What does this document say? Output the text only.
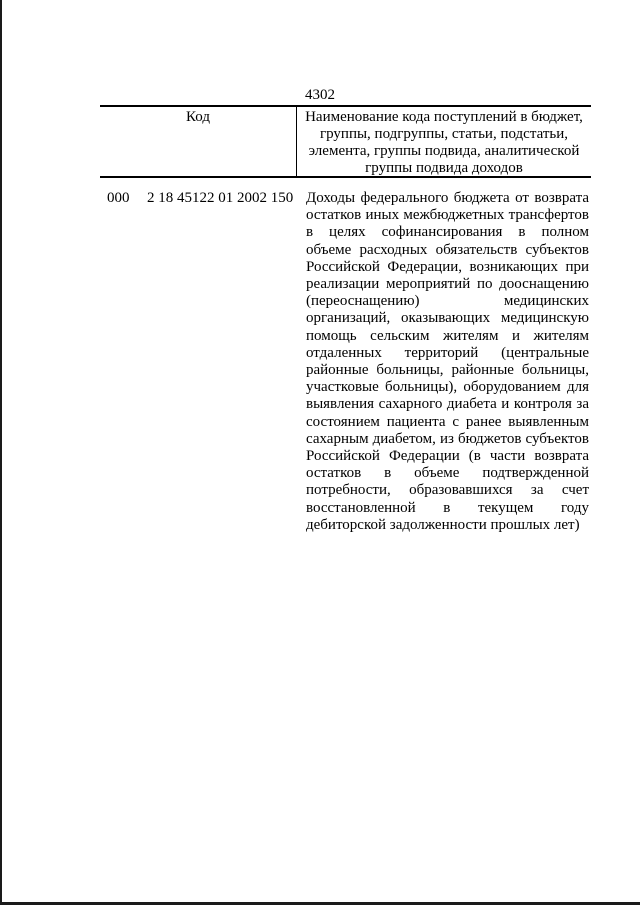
4302
Код	Наименование кода поступлений в бюджет, группы, подгруппы, статьи, подстатьи, элемента, группы подвида, аналитической группы подвида доходов
000 2 18 45122 01 2002 150 Доходы федерального бюджета от возврата остатков иных межбюджетных трансфертов в целях софинансирования в полном объеме расходных обязательств субъектов Российской Федерации, возникающих при реализации мероприятий по дооснащению (переоснащению) медицинских организаций, оказывающих медицинскую помощь сельским жителям и жителям отдаленных территорий (центральные районные больницы, районные больницы, участковые больницы), оборудованием для выявления сахарного диабета и контроля за состоянием пациента с ранее выявленным сахарным диабетом, из бюджетов субъектов Российской Федерации (в части возврата остатков в объеме подтвержденной потребности, образовавшихся за счет восстановленной в текущем году дебиторской задолженности прошлых лет)
